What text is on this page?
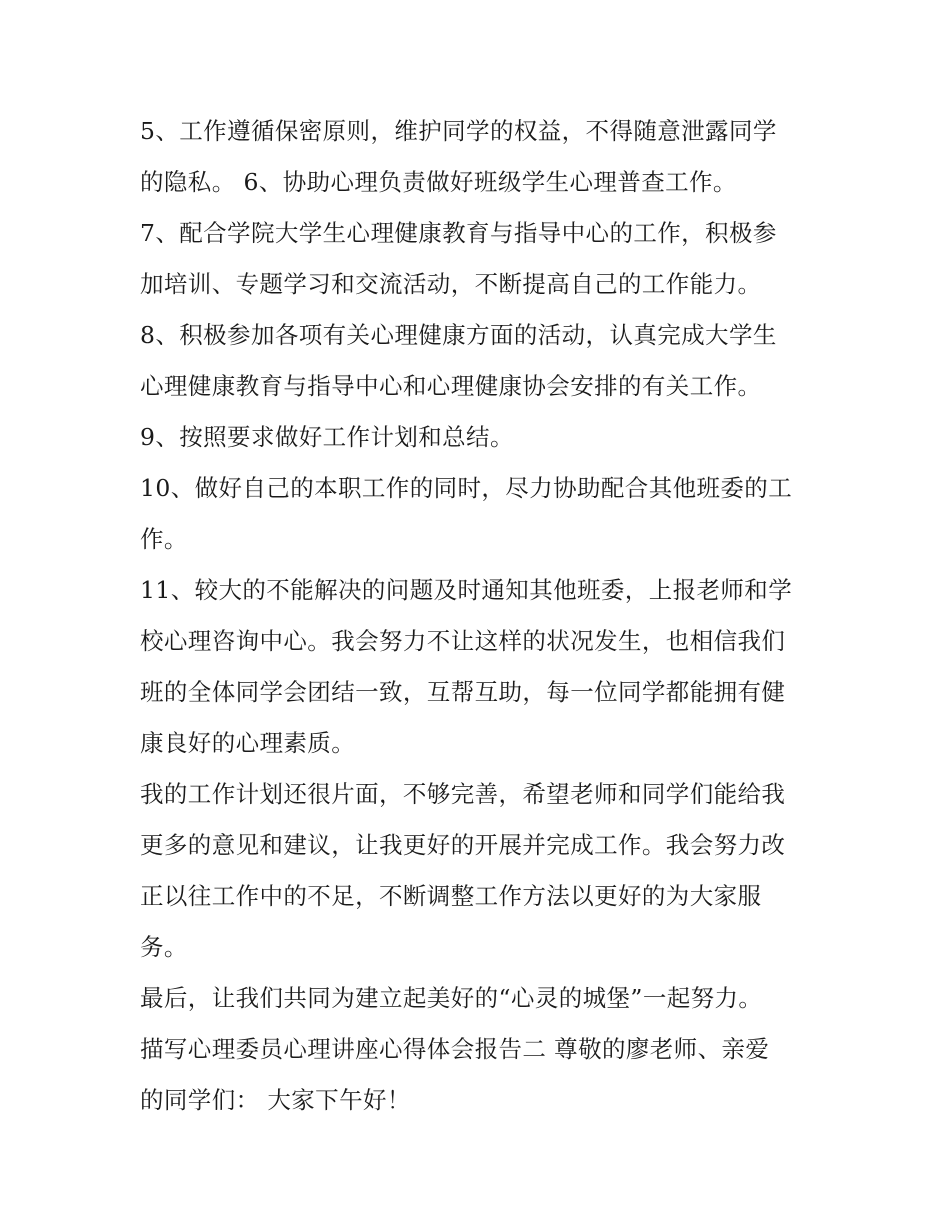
5、工作遵循保密原则，维护同学的权益，不得随意泄露同学
的隐私。 6、协助心理负责做好班级学生心理普查工作。
7、配合学院大学生心理健康教育与指导中心的工作，积极参
加培训、专题学习和交流活动，不断提高自己的工作能力。
8、积极参加各项有关心理健康方面的活动，认真完成大学生
心理健康教育与指导中心和心理健康协会安排的有关工作。
9、按照要求做好工作计划和总结。
10、做好自己的本职工作的同时，尽力协助配合其他班委的工
作。
11、较大的不能解决的问题及时通知其他班委，上报老师和学
校心理咨询中心。我会努力不让这样的状况发生，也相信我们
班的全体同学会团结一致，互帮互助，每一位同学都能拥有健
康良好的心理素质。
我的工作计划还很片面，不够完善，希望老师和同学们能给我
更多的意见和建议，让我更好的开展并完成工作。我会努力改
正以往工作中的不足，不断调整工作方法以更好的为大家服
务。
最后，让我们共同为建立起美好的“心灵的城堡”一起努力。
描写心理委员心理讲座心得体会报告二 尊敬的廖老师、亲爱
的同学们： 大家下午好！
